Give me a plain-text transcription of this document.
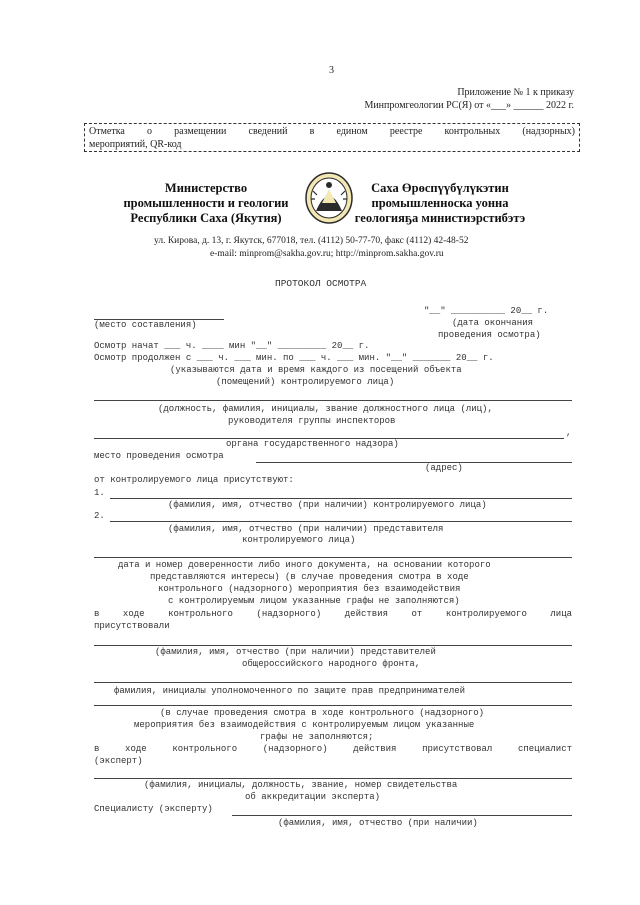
3
Приложение № 1 к приказу
Минпромгеологии РС(Я) от «___» ______ 2022 г.
Отметка о размещении сведений в едином реестре контрольных (надзорных)
мероприятий, QR-код
Министерство
промышленности и геологии
Республики Саха (Якутия)
Саха Өрөспүүбүлүкэтин
промышленноска уонна
геологияҕа министиэрстибэтэ
ул. Кирова, д. 13, г. Якутск, 677018, тел. (4112) 50-77-70, факс (4112) 42-48-52
e-mail: minprom@sakha.gov.ru; http://minprom.sakha.gov.ru
ПРОТОКОЛ ОСМОТРА
"__" __________ 20__ г.
(место составления)	(дата окончания
проведения осмотра)
Осмотр начат ___ ч. ____ мин "__" _________ 20__ г.
Осмотр продолжен с ___ ч. ___ мин. по ___ ч. ___ мин. "__" _______ 20__ г.
(указываются дата и время каждого из посещений объекта
(помещений) контролируемого лица)
(должность, фамилия, инициалы, звание должностного лица (лиц),
руководителя группы инспекторов
,
органа государственного надзора)
место проведения осмотра
(адрес)
от контролируемого лица присутствуют:
1.
(фамилия, имя, отчество (при наличии) контролируемого лица)
2.
(фамилия, имя, отчество (при наличии) представителя
контролируемого лица)
дата и номер доверенности либо иного документа, на основании которого
представляются интересы) (в случае проведения смотра в ходе
контрольного (надзорного) мероприятия без взаимодействия
с контролируемым лицом указанные графы не заполняются)
в ходе контрольного (надзорного) действия от контролируемого лица
присутствовали
(фамилия, имя, отчество (при наличии) представителей
общероссийского народного фронта,
фамилия, инициалы уполномоченного по защите прав предпринимателей
(в случае проведения смотра в ходе контрольного (надзорного)
мероприятия без взаимодействия с контролируемым лицом указанные
графы не заполняются;
в ходе контрольного (надзорного) действия присутствовал специалист
(эксперт)
(фамилия, инициалы, должность, звание, номер свидетельства
об аккредитации эксперта)
Специалисту (эксперту)
(фамилия, имя, отчество (при наличии)
